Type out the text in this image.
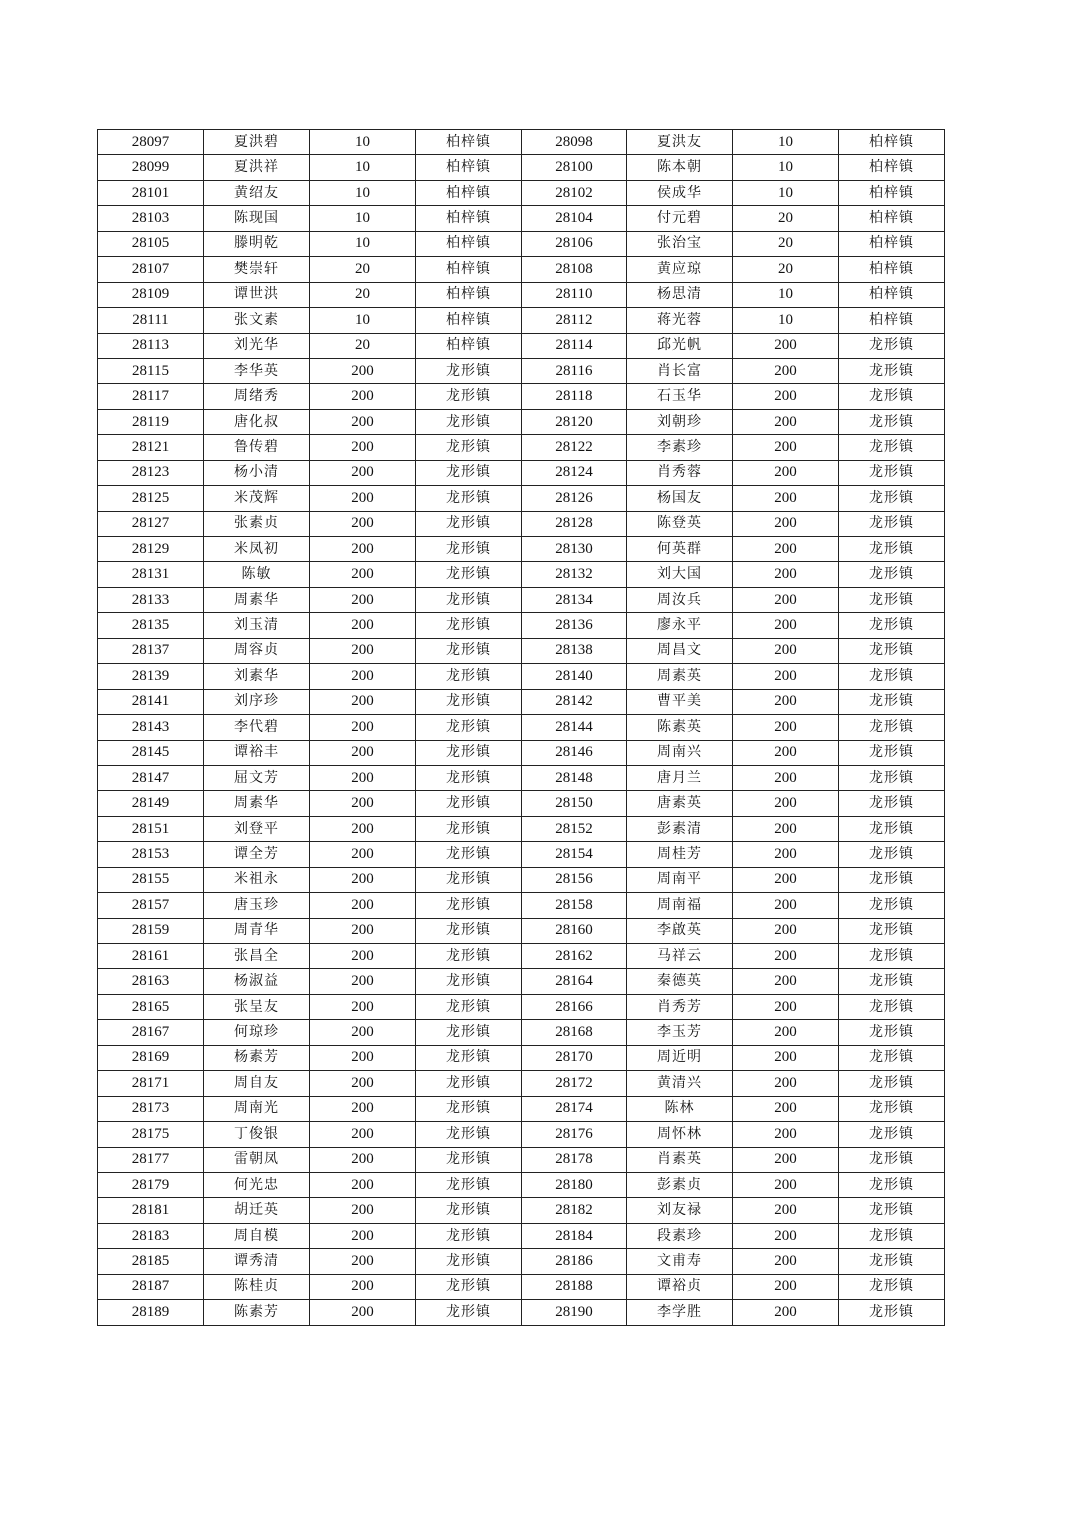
28097	夏洪碧	10	柏梓镇	28098	夏洪友	10	柏梓镇
28099	夏洪祥	10	柏梓镇	28100	陈本朝	10	柏梓镇
28101	黄绍友	10	柏梓镇	28102	侯成华	10	柏梓镇
28103	陈现国	10	柏梓镇	28104	付元碧	20	柏梓镇
28105	滕明乾	10	柏梓镇	28106	张治宝	20	柏梓镇
28107	樊崇轩	20	柏梓镇	28108	黄应琼	20	柏梓镇
28109	谭世洪	20	柏梓镇	28110	杨思清	10	柏梓镇
28111	张文素	10	柏梓镇	28112	蒋光蓉	10	柏梓镇
28113	刘光华	20	柏梓镇	28114	邱光帆	200	龙形镇
28115	李华英	200	龙形镇	28116	肖长富	200	龙形镇
28117	周绪秀	200	龙形镇	28118	石玉华	200	龙形镇
28119	唐化叔	200	龙形镇	28120	刘朝珍	200	龙形镇
28121	鲁传碧	200	龙形镇	28122	李素珍	200	龙形镇
28123	杨小清	200	龙形镇	28124	肖秀蓉	200	龙形镇
28125	米茂辉	200	龙形镇	28126	杨国友	200	龙形镇
28127	张素贞	200	龙形镇	28128	陈登英	200	龙形镇
28129	米凤初	200	龙形镇	28130	何英群	200	龙形镇
28131	陈敏	200	龙形镇	28132	刘大国	200	龙形镇
28133	周素华	200	龙形镇	28134	周汝兵	200	龙形镇
28135	刘玉清	200	龙形镇	28136	廖永平	200	龙形镇
28137	周容贞	200	龙形镇	28138	周昌文	200	龙形镇
28139	刘素华	200	龙形镇	28140	周素英	200	龙形镇
28141	刘序珍	200	龙形镇	28142	曹平美	200	龙形镇
28143	李代碧	200	龙形镇	28144	陈素英	200	龙形镇
28145	谭裕丰	200	龙形镇	28146	周南兴	200	龙形镇
28147	屈文芳	200	龙形镇	28148	唐月兰	200	龙形镇
28149	周素华	200	龙形镇	28150	唐素英	200	龙形镇
28151	刘登平	200	龙形镇	28152	彭素清	200	龙形镇
28153	谭全芳	200	龙形镇	28154	周桂芳	200	龙形镇
28155	米祖永	200	龙形镇	28156	周南平	200	龙形镇
28157	唐玉珍	200	龙形镇	28158	周南福	200	龙形镇
28159	周青华	200	龙形镇	28160	李啟英	200	龙形镇
28161	张昌全	200	龙形镇	28162	马祥云	200	龙形镇
28163	杨淑益	200	龙形镇	28164	秦德英	200	龙形镇
28165	张呈友	200	龙形镇	28166	肖秀芳	200	龙形镇
28167	何琼珍	200	龙形镇	28168	李玉芳	200	龙形镇
28169	杨素芳	200	龙形镇	28170	周近明	200	龙形镇
28171	周自友	200	龙形镇	28172	黄清兴	200	龙形镇
28173	周南光	200	龙形镇	28174	陈林	200	龙形镇
28175	丁俊银	200	龙形镇	28176	周怀林	200	龙形镇
28177	雷朝凤	200	龙形镇	28178	肖素英	200	龙形镇
28179	何光忠	200	龙形镇	28180	彭素贞	200	龙形镇
28181	胡迁英	200	龙形镇	28182	刘友禄	200	龙形镇
28183	周自模	200	龙形镇	28184	段素珍	200	龙形镇
28185	谭秀清	200	龙形镇	28186	文甫寿	200	龙形镇
28187	陈桂贞	200	龙形镇	28188	谭裕贞	200	龙形镇
28189	陈素芳	200	龙形镇	28190	李学胜	200	龙形镇
